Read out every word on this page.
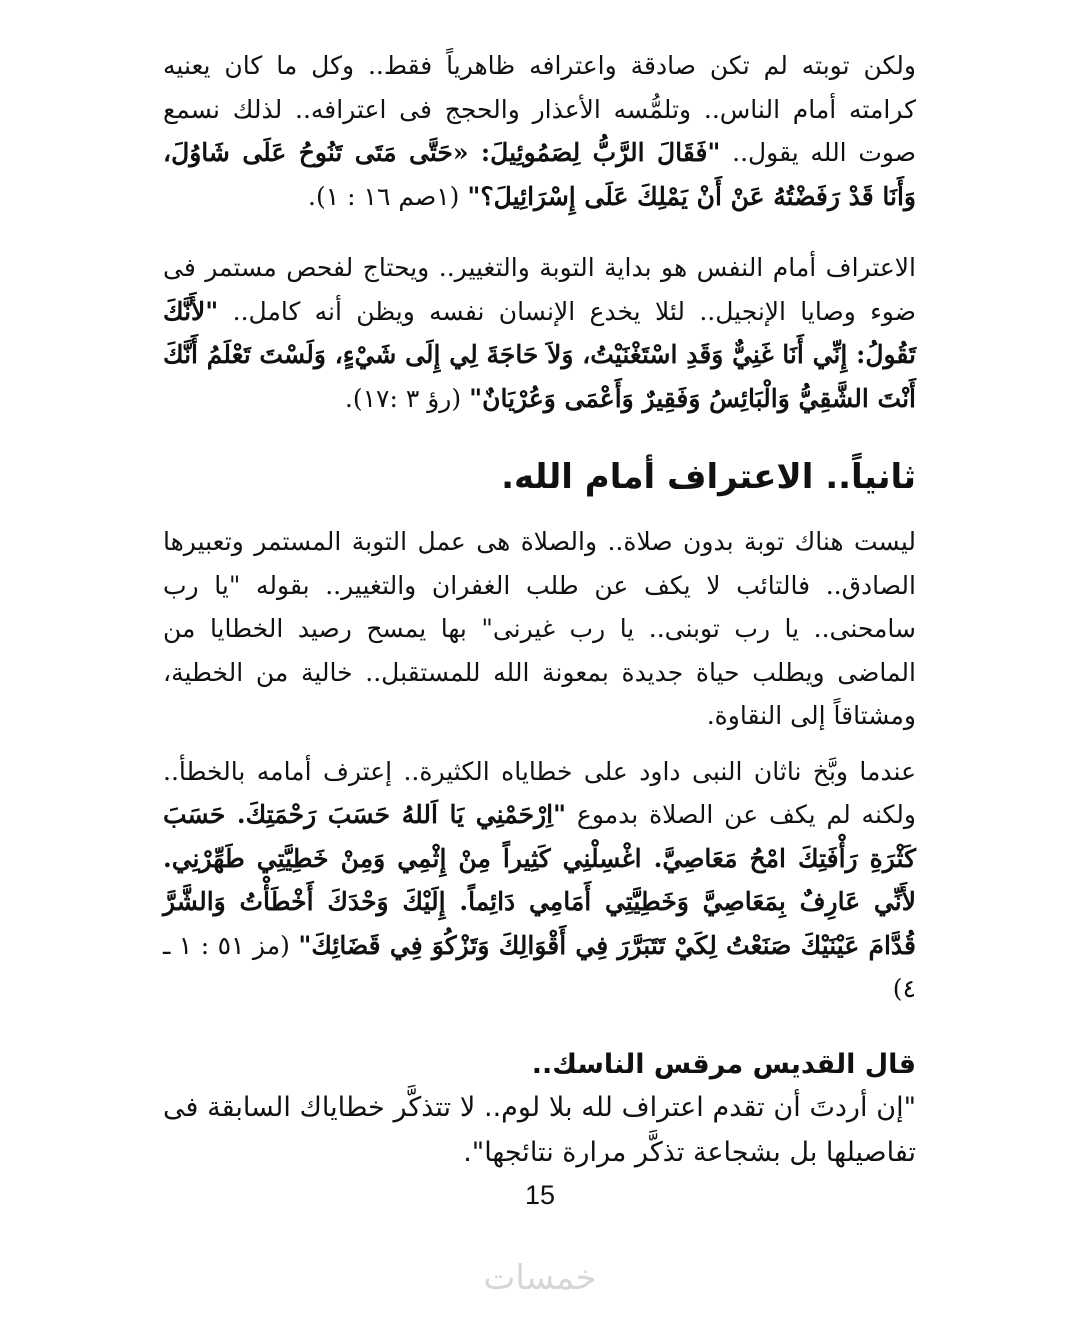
ولكن توبته لم تكن صادقة واعترافه ظاهرياً فقط.. وكل ما كان يعنيه كرامته أمام الناس.. وتلمُّسه الأعذار والحجج فى اعترافه.. لذلك نسمع صوت الله يقول.. "فَقَالَ الرَّبُّ لِصَمُوئِيلَ: «حَتَّى مَتَى تَنُوحُ عَلَى شَاوُلَ، وَأَنَا قَدْ رَفَضْتُهُ عَنْ أَنْ يَمْلِكَ عَلَى إِسْرَائِيلَ؟" (١صم ١٦ : ١).

الاعتراف أمام النفس هو بداية التوبة والتغيير.. ويحتاج لفحص مستمر فى ضوء وصايا الإنجيل.. لئلا يخدع الإنسان نفسه ويظن أنه كامل.. "لأَنَّكَ تَقُولُ: إِنِّي أَنَا غَنِيٌّ وَقَدِ اسْتَغْنَيْتُ، وَلاَ حَاجَةَ لِي إِلَى شَيْءٍ، وَلَسْتَ تَعْلَمُ أَنَّكَ أَنْتَ الشَّقِيُّ وَالْبَائِسُ وَفَقِيرٌ وَأَعْمَى وَعُرْيَانٌ" (رؤ ٣ :١٧).

ثانياً.. الاعتراف أمام الله.

ليست هناك توبة بدون صلاة.. والصلاة هى عمل التوبة المستمر وتعبيرها الصادق.. فالتائب لا يكف عن طلب الغفران والتغيير.. بقوله "يا رب سامحنى.. يا رب توبنى.. يا رب غيرنى" بها يمسح رصيد الخطايا من الماضى ويطلب حياة جديدة بمعونة الله للمستقبل.. خالية من الخطية، ومشتاقاً إلى النقاوة.

عندما وبَّخ ناثان النبى داود على خطاياه الكثيرة.. إعترف أمامه بالخطأ.. ولكنه لم يكف عن الصلاة بدموع "اِرْحَمْنِي يَا اَللهُ حَسَبَ رَحْمَتِكَ. حَسَبَ كَثْرَةِ رَأْفَتِكَ امْحُ مَعَاصِيَّ. اغْسِلْنِي كَثِيراً مِنْ إِثْمِي وَمِنْ خَطِيَّتِي طَهِّرْنِي. لأَنِّي عَارِفٌ بِمَعَاصِيَّ وَخَطِيَّتِي أَمَامِي دَائِماً. إِلَيْكَ وَحْدَكَ أَخْطَأْتُ وَالشَّرَّ قُدَّامَ عَيْنَيْكَ صَنَعْتُ لِكَيْ تَتَبَرَّرَ فِي أَقْوَالِكَ وَتَزْكُوَ فِي قَضَائِكَ" (مز ٥١ : ١ ـ ٤)

قال القديس مرقس الناسك..

"إن أردتَ أن تقدم اعتراف لله بلا لوم.. لا تتذكَّر خطاياك السابقة فى تفاصيلها بل بشجاعة تذكَّر مرارة نتائجها".

15
خمسات
